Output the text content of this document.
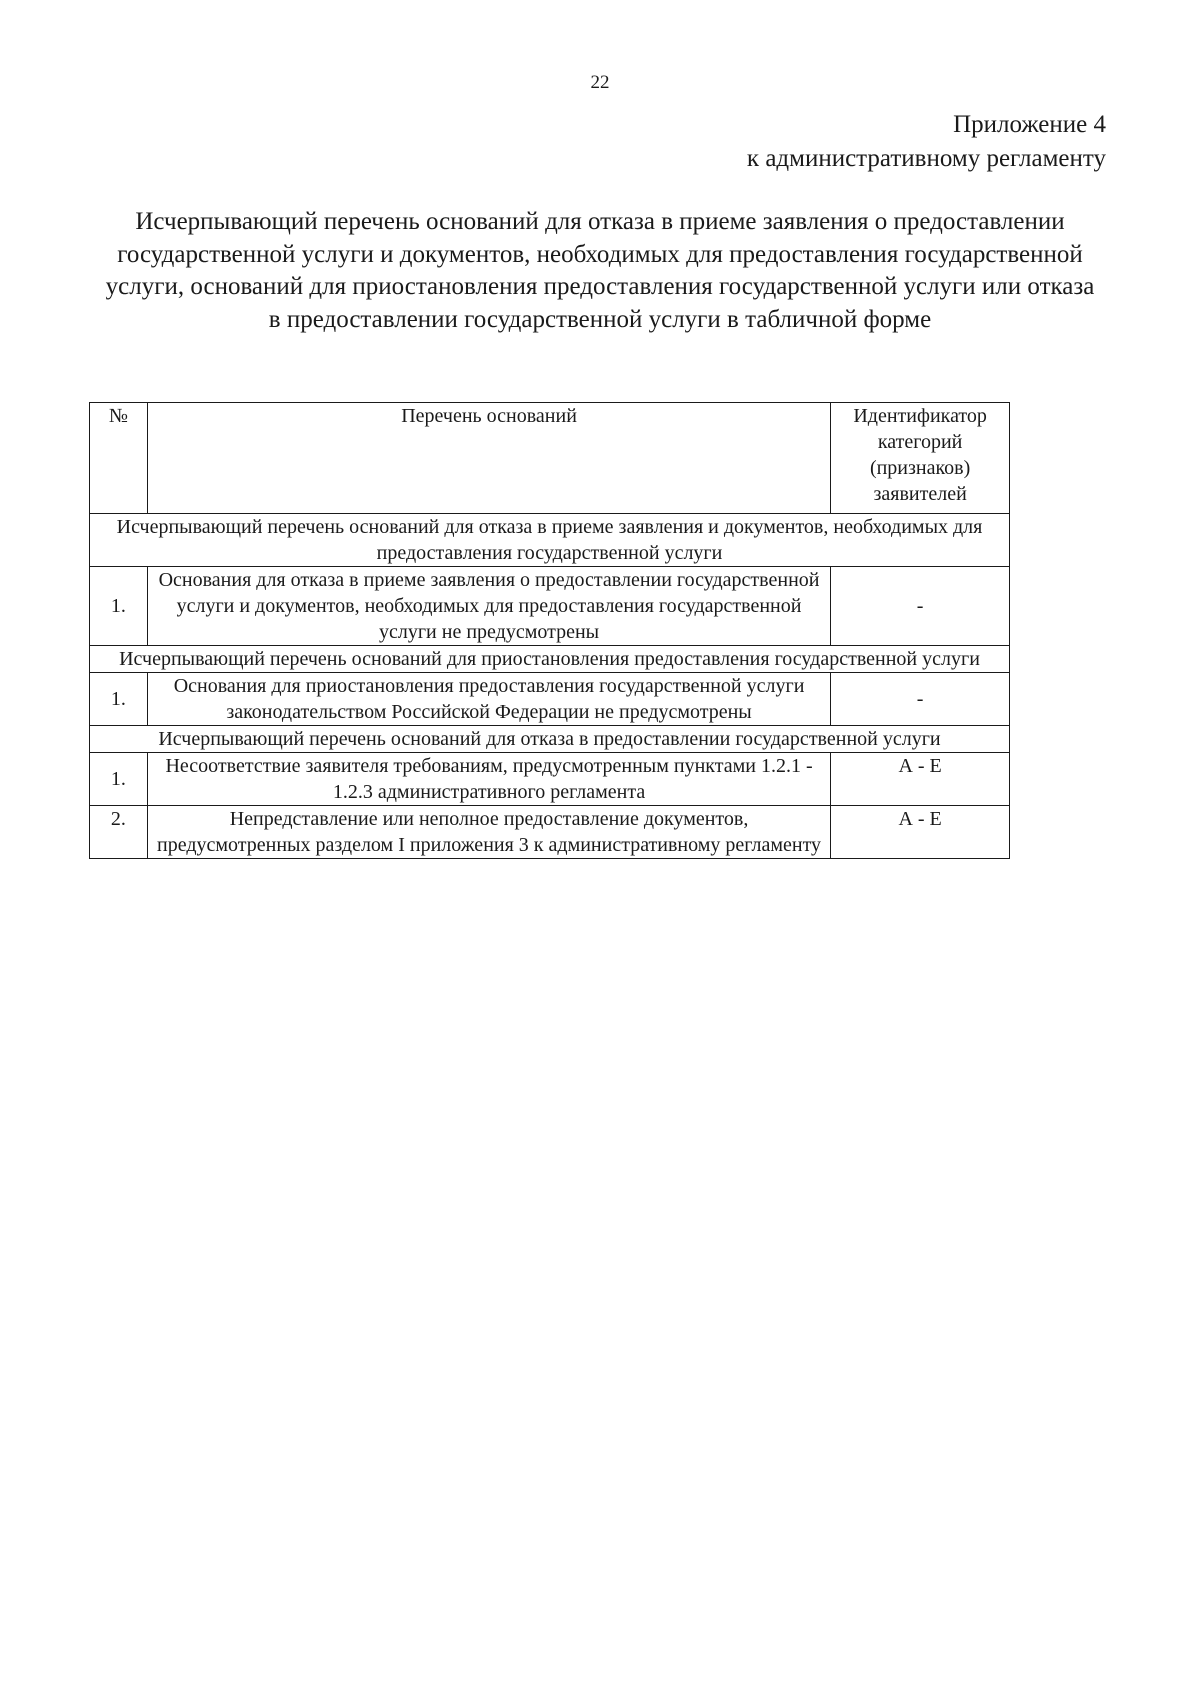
22
Приложение 4
к административному регламенту
Исчерпывающий перечень оснований для отказа в приеме заявления о предоставлении государственной услуги и документов, необходимых для предоставления государственной услуги, оснований для приостановления предоставления государственной услуги или отказа в предоставлении государственной услуги в табличной форме
№	Перечень оснований	Идентификатор категорий (признаков) заявителей
Исчерпывающий перечень оснований для отказа в приеме заявления и документов, необходимых для предоставления государственной услуги		
1.	Основания для отказа в приеме заявления о предоставлении государственной услуги и документов, необходимых для предоставления государственной услуги не предусмотрены	-
Исчерпывающий перечень оснований для приостановления предоставления государственной услуги		
1.	Основания для приостановления предоставления государственной услуги законодательством Российской Федерации не предусмотрены	-
Исчерпывающий перечень оснований для отказа в предоставлении государственной услуги		
1.	Несоответствие заявителя требованиям, предусмотренным пунктами 1.2.1 - 1.2.3 административного регламента	А - Е
2.	Непредставление или неполное предоставление документов, предусмотренных разделом I приложения 3 к административному регламенту	А - Е
